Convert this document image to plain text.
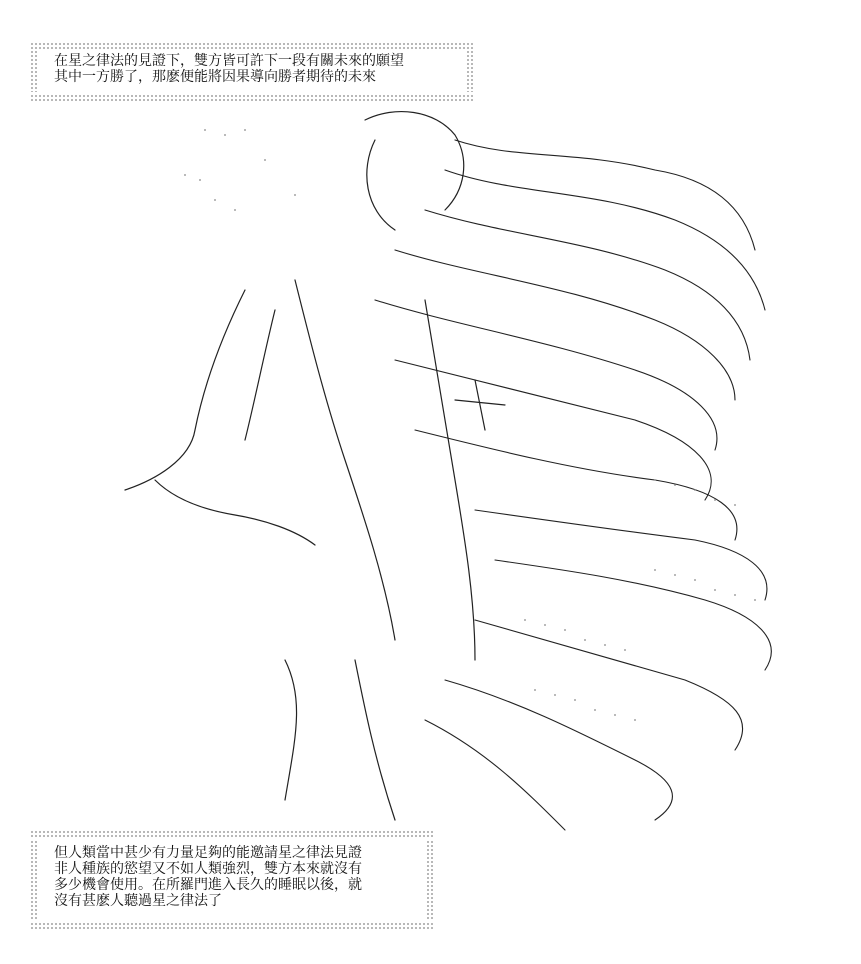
在星之律法的見證下，雙方皆可許下一段有關未來的願望
其中一方勝了，那麽便能將因果導向勝者期待的未來
但人類當中甚少有力量足夠的能邀請星之律法見證
非人種族的慾望又不如人類強烈，雙方本來就沒有
多少機會使用。在所羅門進入長久的睡眠以後，就
沒有甚麽人聽過星之律法了
